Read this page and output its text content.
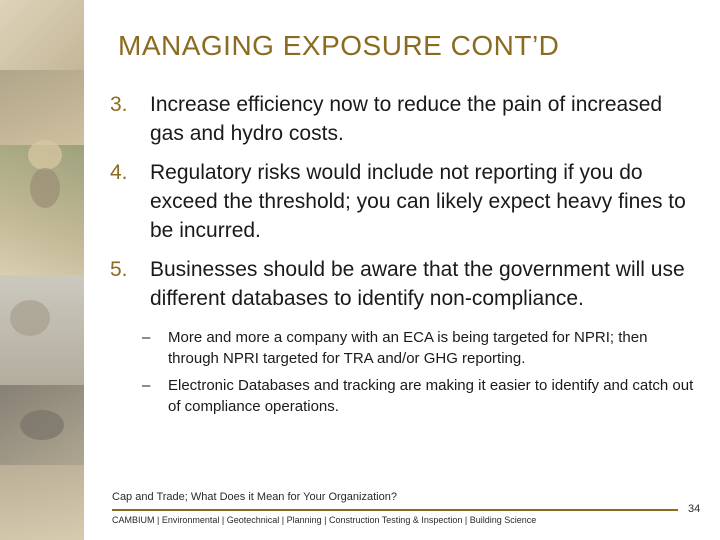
MANAGING EXPOSURE CONT’D
3.	Increase efficiency now to reduce the pain of increased gas and hydro costs.
4.	Regulatory risks would include not reporting if you do exceed the threshold; you can likely expect heavy fines to be incurred.
5.	Businesses should be aware that the government will use different databases to identify non-compliance.
–	More and more a company with an ECA is being targeted for NPRI; then through NPRI targeted for TRA and/or GHG reporting.
–	Electronic Databases and tracking are making it easier to identify and catch out of compliance operations.
Cap and Trade; What Does it Mean for Your Organization?
34
CAMBIUM | Environmental | Geotechnical | Planning | Construction Testing & Inspection | Building Science
